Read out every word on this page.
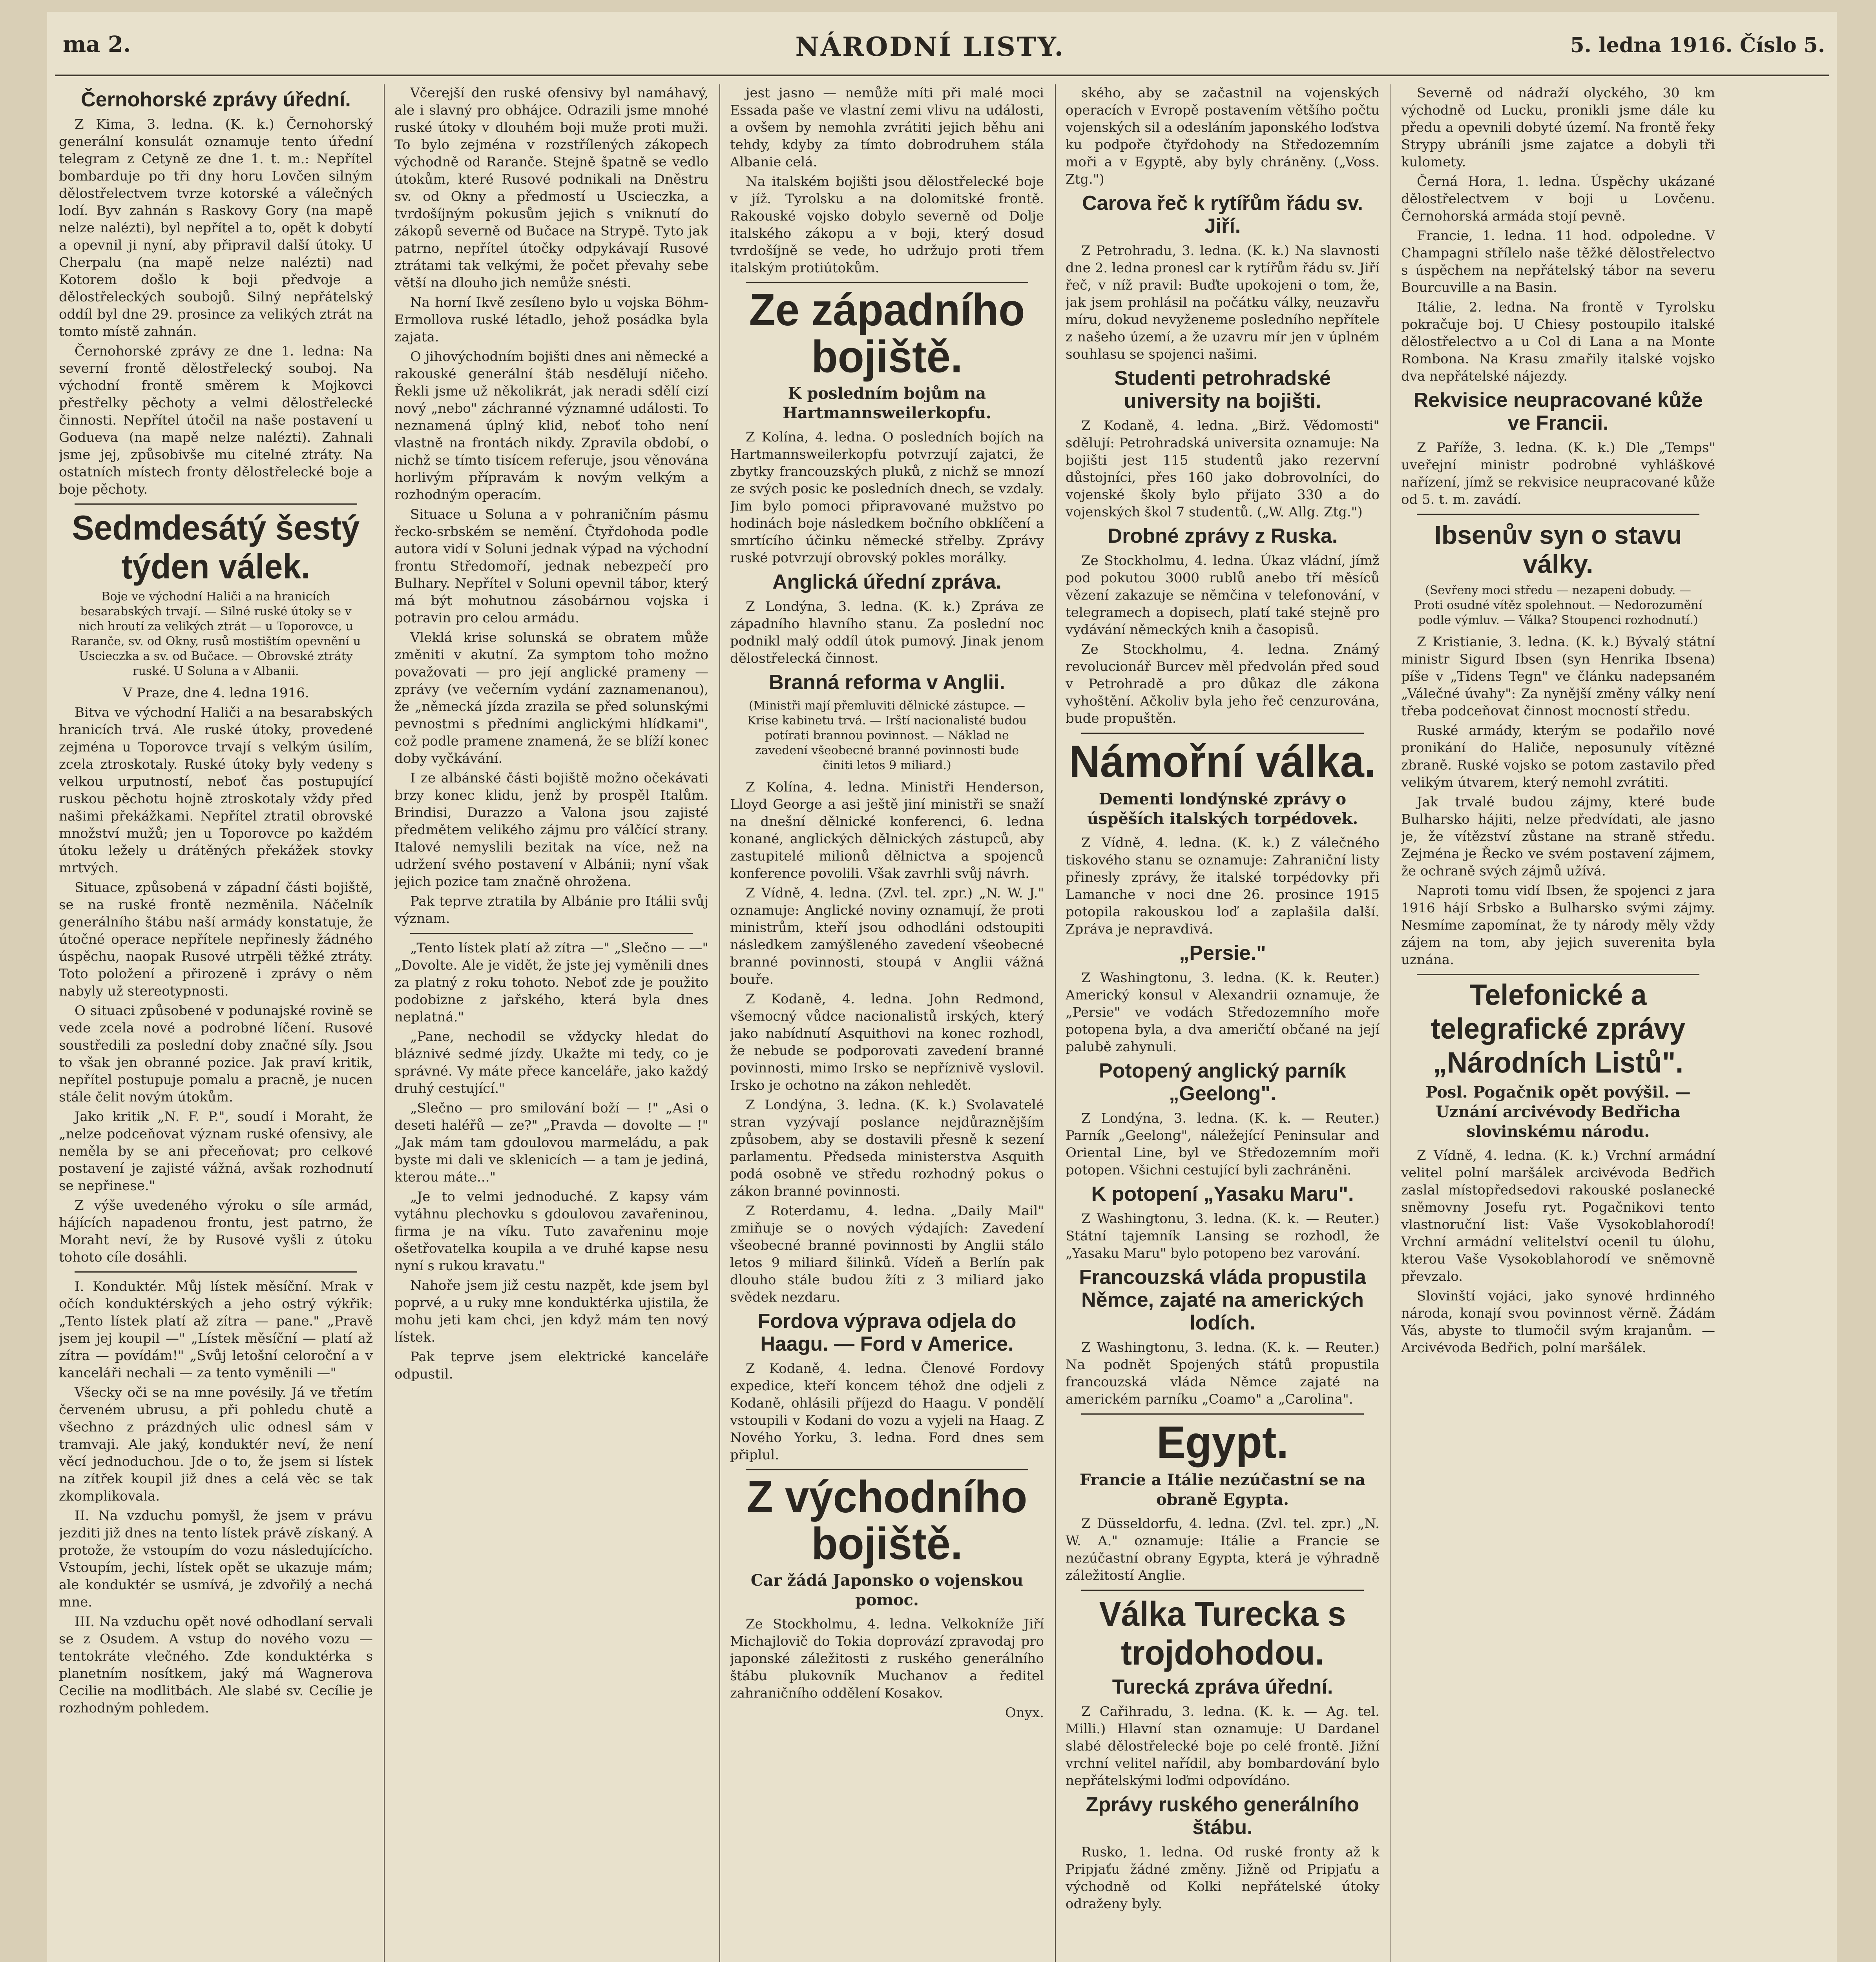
ma 2.	NÁRODNÍ LISTY.	5. ledna 1916. Číslo 5.
Černohorské zprávy úřední.

Z Kima, 3. ledna. (K. k.) Černohorský generální konsulát oznamuje tento úřední telegram z Cetyně ze dne 1. t. m.: Nepřítel bombarduje po tři dny horu Lovčen silným dělostřelectvem tvrze kotorské a válečných lodí. Byv zahnán s Raskovy Gory (na mapě nelze nalézti), byl nepřítel a to, opět k dobytí a opevnil ji nyní, aby připravil další útoky. U Cherpalu (na mapě nelze nalézti) nad Kotorem došlo k boji předvoje a dělostřeleckých soubojů. Silný nepřátelský oddíl byl dne 29. prosince za velikých ztrát na tomto místě zahnán.

Černohorské zprávy ze dne 1. ledna: Na severní frontě dělostřelecký souboj. Na východní frontě směrem k Mojkovci přestřelky pěchoty a velmi dělostřelecké činnosti. Nepřítel útočil na naše postavení u Godueva (na mapě nelze nalézti). Zahnali jsme jej, způsobivše mu citelné ztráty. Na ostatních místech fronty dělostřelecké boje a boje pěchoty.

Sedmdesátý šestý týden válek.
Boje ve východní Haliči a na hranicích besarabských trvají. — Silné ruské útoky se v nich hroutí za velikých ztrát — u Toporovce, u Raranče, sv. od Okny, rusů mostištím opevnění u Uscieczka a sv. od Bučace. — Obrovské ztráty ruské. U Soluna a v Albanii.

V Praze, dne 4. ledna 1916.

Bitva ve východní Haliči a na besarabských hranicích trvá. Ale ruské útoky, provedené zejména u Toporovce trvají s velkým úsilím, zcela ztroskotaly. Ruské útoky byly vedeny s velkou urputností, neboť čas postupující ruskou pěchotu hojně ztroskotaly vždy před našimi překážkami. Nepřítel ztratil obrovské množství mužů; jen u Toporovce po každém útoku ležely u drátěných překážek stovky mrtvých.

Situace, způsobená v západní části bojiště, se na ruské frontě nezměnila. Náčelník generálního štábu naší armády konstatuje, že útočné operace nepřítele nepřinesly žádného úspěchu, naopak Rusové utrpěli těžké ztráty. Toto položení a přirozeně i zprávy o něm nabyly už stereotypnosti.

O situaci způsobené v podunajské rovině se vede zcela nové a podrobné líčení. Rusové soustředili za poslední doby značné síly. Jsou to však jen obranné pozice. Jak praví kritik, nepřítel postupuje pomalu a pracně, je nucen stále čelit novým útokům.

Jako kritik „N. F. P.", soudí i Moraht, že „nelze podceňovat význam ruské ofensivy, ale neměla by se ani přeceňovat; pro celkové postavení je zajisté vážná, avšak rozhodnutí se nepřinese."

Z výše uvedeného výroku o síle armád, hájících napadenou frontu, jest patrno, že Moraht neví, že by Rusové vyšli z útoku tohoto cíle dosáhli.

I. Konduktér. Můj lístek měsíční. Mrak v očích konduktérských a jeho ostrý výkřik: „Tento lístek platí až zítra — pane." „Pravě jsem jej koupil —" „Lístek měsíční — platí až zítra — povídám!" „Svůj letošní celoroční a v kanceláři nechali — za tento vyměnili —"

Všecky oči se na mne povésily. Já ve třetím červeném ubrusu, a při pohledu chutě a všechno z prázdných ulic odnesl sám v tramvaji. Ale jaký, konduktér neví, že není věcí jednoduchou. Jde o to, že jsem si lístek na zítřek koupil již dnes a celá věc se tak zkomplikovala.

II. Na vzduchu pomyšl, že jsem v právu jezditi již dnes na tento lístek právě získaný. A protože, že vstoupím do vozu následujícícho. Vstoupím, jechi, lístek opět se ukazuje mám; ale konduktér se usmívá, je zdvořilý a nechá mne.

III. Na vzduchu opět nové odhodlaní servali se z Osudem. A vstup do nového vozu — tentokráte vlečného. Zde konduktérka s planetním nosítkem, jaký má Wagnerova Cecilie na modlitbách. Ale slabé sv. Cecílie je rozhodným pohledem.

Včerejší den ruské ofensivy byl namáhavý, ale i slavný pro obhájce. Odrazili jsme mnohé ruské útoky v dlouhém boji muže proti muži. To bylo zejména v rozstřílených zákopech východně od Raranče. Stejně špatně se vedlo útokům, které Rusové podnikali na Dněstru sv. od Okny a předmostí u Uscieczka, a tvrdošíjným pokusům jejich s vniknutí do zákopů severně od Bučace na Strypě. Tyto jak patrno, nepřítel útočky odpykávají Rusové ztrátami tak velkými, že počet převahy sebe větší na dlouho jich nemůže snésti.

Na horní Ikvě zesíleno bylo u vojska Böhm-Ermollova ruské létadlo, jehož posádka byla zajata.

O jihovýchodním bojišti dnes ani německé a rakouské generální štáb nesdělují ničeho. Řekli jsme už několikrát, jak neradi sdělí cizí nový „nebo" záchranné významné události. To neznamená úplný klid, neboť toho není vlastně na frontách nikdy. Zpravila období, o nichž se tímto tisícem referuje, jsou věnována horlivým přípravám k novým velkým a rozhodným operacím.

Situace u Soluna a v pohraničním pásmu řecko-srbském se nemění. Čtyřdohoda podle autora vidí v Soluni jednak výpad na východní frontu Středomoří, jednak nebezpečí pro Bulhary. Nepřítel v Soluni opevnil tábor, který má být mohutnou zásobárnou vojska i potravin pro celou armádu.

Vleklá krise solunská se obratem může změniti v akutní. Za symptom toho možno považovati — pro její anglické prameny — zprávy (ve večerním vydání zaznamenanou), že „německá jízda zrazila se před solunskými pevnostmi s předními anglickými hlídkami", což podle pramene znamená, že se blíží konec doby vyčkávání.

I ze albánské části bojiště možno očekávati brzy konec klidu, jenž by prospěl Italům. Brindisi, Durazzo a Valona jsou zajisté předmětem velikého zájmu pro válčící strany. Italové nemyslili bezitak na více, než na udržení svého postavení v Albánii; nyní však jejich pozice tam značně ohrožena.

Pak teprve ztratila by Albánie pro Itálii svůj význam.

„Tento lístek platí až zítra —" „Slečno — —" „Dovolte. Ale je vidět, že jste jej vyměnili dnes za platný z roku tohoto. Neboť zde je použito podobizne z jařského, která byla dnes neplatná."

„Pane, nechodil se vždycky hledat do bláznivé sedmé jízdy. Ukažte mi tedy, co je správné. Vy máte přece kanceláře, jako každý druhý cestující."

„Slečno — pro smilování boží — !" „Asi o deseti haléřů — ze?" „Pravda — dovolte — !" „Jak mám tam gdoulovou marmeládu, a pak byste mi dali ve sklenicích — a tam je jediná, kterou máte..."

„Je to velmi jednoduché. Z kapsy vám vytáhnu plechovku s gdoulovou zavařeninou, firma je na víku. Tuto zavařeninu moje ošetřovatelka koupila a ve druhé kapse nesu nyní s rukou kravatu."

Nahoře jsem již cestu nazpět, kde jsem byl poprvé, a u ruky mne konduktérka ujistila, že mohu jeti kam chci, jen když mám ten nový lístek.

Pak teprve jsem elektrické kanceláře odpustil.

jest jasno — nemůže míti při malé moci Essada paše ve vlastní zemi vlivu na události, a ovšem by nemohla zvrátiti jejich běhu ani tehdy, kdyby za tímto dobrodruhem stála Albanie celá.

Na italském bojišti jsou dělostřelecké boje v jíž. Tyrolsku a na dolomitské frontě. Rakouské vojsko dobylo severně od Dolje italského zákopu a v boji, který dosud tvrdošíjně se vede, ho udržujo proti třem italským protiútokům.

Ze západního bojiště.
K posledním bojům na Hartmannsweilerkopfu.

Z Kolína, 4. ledna. O posledních bojích na Hartmannsweilerkopfu potvrzují zajatci, že zbytky francouzských pluků, z nichž se mnozí ze svých posic ke posledních dnech, se vzdaly. Jim bylo pomoci připravované mužstvo po hodinách boje následkem bočního obklíčení a smrtícího účinku německé střelby. Zprávy ruské potvrzují obrovský pokles morálky.

Anglická úřední zpráva.

Z Londýna, 3. ledna. (K. k.) Zpráva ze západního hlavního stanu. Za poslední noc podnikl malý oddíl útok pumový. Jinak jenom dělostřelecká činnost.

Branná reforma v Anglii.
(Ministři mají přemluviti dělnické zástupce. — Krise kabinetu trvá. — Irští nacionalisté budou potírati brannou povinnost. — Náklad ne zavedení všeobecné branné povinnosti bude činiti letos 9 miliard.)

Z Kolína, 4. ledna. Ministři Henderson, Lloyd George a asi ještě jiní ministři se snaží na dnešní dělnické konferenci, 6. ledna konané, anglických dělnických zástupců, aby zastupitelé milionů dělnictva a spojenců konference povolili. Však zavrhli svůj návrh.

Z Vídně, 4. ledna. (Zvl. tel. zpr.) „N. W. J." oznamuje: Anglické noviny oznamují, že proti ministrům, kteří jsou odhodláni odstoupiti následkem zamýšleného zavedení všeobecné branné povinnosti, stoupá v Anglii vážná bouře.

Z Kodaně, 4. ledna. John Redmond, všemocný vůdce nacionalistů irských, který jako nabídnutí Asquithovi na konec rozhodl, že nebude se podporovati zavedení branné povinnosti, mimo Irsko se nepříznivě vyslovil. Irsko je ochotno na zákon nehledět.

Z Londýna, 3. ledna. (K. k.) Svolavatelé stran vyzývají poslance nejdůraznějším způsobem, aby se dostavili přesně k sezení parlamentu. Předseda ministerstva Asquith podá osobně ve středu rozhodný pokus o zákon branné povinnosti.

Z Roterdamu, 4. ledna. „Daily Mail" zmiňuje se o nových výdajích: Zavedení všeobecné branné povinnosti by Anglii stálo letos 9 miliard šilinků. Vídeň a Berlín pak dlouho stále budou žíti z 3 miliard jako svědek nezdaru.

Fordova výprava odjela do Haagu. — Ford v Americe.

Z Kodaně, 4. ledna. Členové Fordovy expedice, kteří koncem téhož dne odjeli z Kodaně, ohlásili příjezd do Haagu. V pondělí vstoupili v Kodani do vozu a vyjeli na Haag. Z Nového Yorku, 3. ledna. Ford dnes sem připlul.

Z východního bojiště.
Car žádá Japonsko o vojenskou pomoc.

Ze Stockholmu, 4. ledna. Velkokníže Jiří Michajlovič do Tokia doprovází zpravodaj pro japonské záležitosti z ruského generálního štábu plukovník Muchanov a ředitel zahraničního oddělení Kosakov.

Onyx.

ského, aby se začastnil na vojenských operacích v Evropě postavením většího počtu vojenských sil a odesláním japonského loďstva ku podpoře čtyřdohody na Středozemním moři a v Egyptě, aby byly chráněny. („Voss. Ztg.")

Carova řeč k rytířům řádu sv. Jiří.

Z Petrohradu, 3. ledna. (K. k.) Na slavnosti dne 2. ledna pronesl car k rytířům řádu sv. Jiří řeč, v níž pravil: Buďte upokojeni o tom, že, jak jsem prohlásil na počátku války, neuzavřu míru, dokud nevyženeme posledního nepřítele z našeho území, a že uzavru mír jen v úplném souhlasu se spojenci našimi.

Studenti petrohradské university na bojišti.

Z Kodaně, 4. ledna. „Birž. Vědomosti" sdělují: Petrohradská universita oznamuje: Na bojišti jest 115 studentů jako rezervní důstojníci, přes 160 jako dobrovolníci, do vojenské školy bylo přijato 330 a do vojenských škol 7 studentů. („W. Allg. Ztg.")

Drobné zprávy z Ruska.

Ze Stockholmu, 4. ledna. Úkaz vládní, jímž pod pokutou 3000 rublů anebo tří měsíců vězení zakazuje se němčina v telefonování, v telegramech a dopisech, platí také stejně pro vydávání německých knih a časopisů.

Ze Stockholmu, 4. ledna. Známý revolucionář Burcev měl předvolán před soud v Petrohradě a pro důkaz dle zákona vyhoštění. Ačkoliv byla jeho řeč cenzurována, bude propuštěn.

Námořní válka.
Dementi londýnské zprávy o úspěších italských torpédovek.

Z Vídně, 4. ledna. (K. k.) Z válečného tiskového stanu se oznamuje: Zahraniční listy přinesly zprávy, že italské torpédovky při Lamanche v noci dne 26. prosince 1915 potopila rakouskou loď a zaplašila další. Zpráva je nepravdivá.

„Persie."

Z Washingtonu, 3. ledna. (K. k. Reuter.) Americký konsul v Alexandrii oznamuje, že „Persie" ve vodách Středozemního moře potopena byla, a dva američtí občané na její palubě zahynuli.

Potopený anglický parník „Geelong".

Z Londýna, 3. ledna. (K. k. — Reuter.) Parník „Geelong", náležející Peninsular and Oriental Line, byl ve Středozemním moři potopen. Všichni cestující byli zachráněni.

K potopení „Yasaku Maru".

Z Washingtonu, 3. ledna. (K. k. — Reuter.) Státní tajemník Lansing se rozhodl, že „Yasaku Maru" bylo potopeno bez varování.

Francouzská vláda propustila Němce, zajaté na amerických lodích.

Z Washingtonu, 3. ledna. (K. k. — Reuter.) Na podnět Spojených států propustila francouzská vláda Němce zajaté na americkém parníku „Coamo" a „Carolina".

Egypt.
Francie a Itálie nezúčastní se na obraně Egypta.

Z Düsseldorfu, 4. ledna. (Zvl. tel. zpr.) „N. W. A." oznamuje: Itálie a Francie se nezúčastní obrany Egypta, která je výhradně záležitostí Anglie.

Válka Turecka s trojdohodou.
Turecká zpráva úřední.

Z Cařihradu, 3. ledna. (K. k. — Ag. tel. Milli.) Hlavní stan oznamuje: U Dardanel slabé dělostřelecké boje po celé frontě. Jižní vrchní velitel nařídil, aby bombardování bylo nepřátelskými loďmi odpovídáno.

Zprávy ruského generálního štábu.

Rusko, 1. ledna. Od ruské fronty až k Pripjaťu žádné změny. Jižně od Pripjaťu a východně od Kolki nepřátelské útoky odraženy byly.

Severně od nádraží olyckého, 30 km východně od Lucku, pronikli jsme dále ku předu a opevnili dobyté území. Na frontě řeky Strypy ubráníli jsme zajatce a dobyli tři kulomety.

Černá Hora, 1. ledna. Úspěchy ukázané dělostřelectvem v boji u Lovčenu. Černohorská armáda stojí pevně.

Francie, 1. ledna. 11 hod. odpoledne. V Champagni střílelo naše těžké dělostřelectvo s úspěchem na nepřátelský tábor na severu Bourcuville a na Basin.

Itálie, 2. ledna. Na frontě v Tyrolsku pokračuje boj. U Chiesy postoupilo italské dělostřelectvo a u Col di Lana a na Monte Rombona. Na Krasu zmařily italské vojsko dva nepřátelské nájezdy.

Rekvisice neupracované kůže ve Francii.

Z Paříže, 3. ledna. (K. k.) Dle „Temps" uveřejní ministr podrobné vyhláškové nařízení, jímž se rekvisice neupracované kůže od 5. t. m. zavádí.

Ibsenův syn o stavu války.
(Sevřeny moci středu — nezapeni dobudy. — Proti osudné vítěz spolehnout. — Nedorozumění podle výmluv. — Válka? Stoupenci rozhodnutí.)

Z Kristianie, 3. ledna. (K. k.) Bývalý státní ministr Sigurd Ibsen (syn Henrika Ibsena) píše v „Tidens Tegn" ve článku nadepsaném „Válečné úvahy": Za nynější změny války není třeba podceňovat činnost mocností středu.

Ruské armády, kterým se podařilo nové pronikání do Haliče, neposunuly vítězné zbraně. Ruské vojsko se potom zastavilo před velikým útvarem, který nemohl zvrátiti.

Jak trvalé budou zájmy, které bude Bulharsko hájiti, nelze předvídati, ale jasno je, že vítězství zůstane na straně středu. Zejména je Řecko ve svém postavení zájmem, že ochraně svých zájmů užívá.

Naproti tomu vidí Ibsen, že spojenci z jara 1916 hájí Srbsko a Bulharsko svými zájmy. Nesmíme zapomínat, že ty národy měly vždy zájem na tom, aby jejich suverenita byla uznána.

Telefonické a telegrafické zprávy „Národních Listů".
Posl. Pogačnik opět povýšil. — Uznání arcivévody Bedřicha slovinskému národu.

Z Vídně, 4. ledna. (K. k.) Vrchní armádní velitel polní maršálek arcivévoda Bedřich zaslal místopředsedovi rakouské poslanecké sněmovny Josefu ryt. Pogačnikovi tento vlastnoruční list: Vaše Vysokoblahorodí! Vrchní armádní velitelství ocenil tu úlohu, kterou Vaše Vysokoblahorodí ve sněmovně převzalo.

Slovinští vojáci, jako synové hrdinného národa, konají svou povinnost věrně. Žádám Vás, abyste to tlumočil svým krajanům. — Arcivévoda Bedřich, polní maršálek.
